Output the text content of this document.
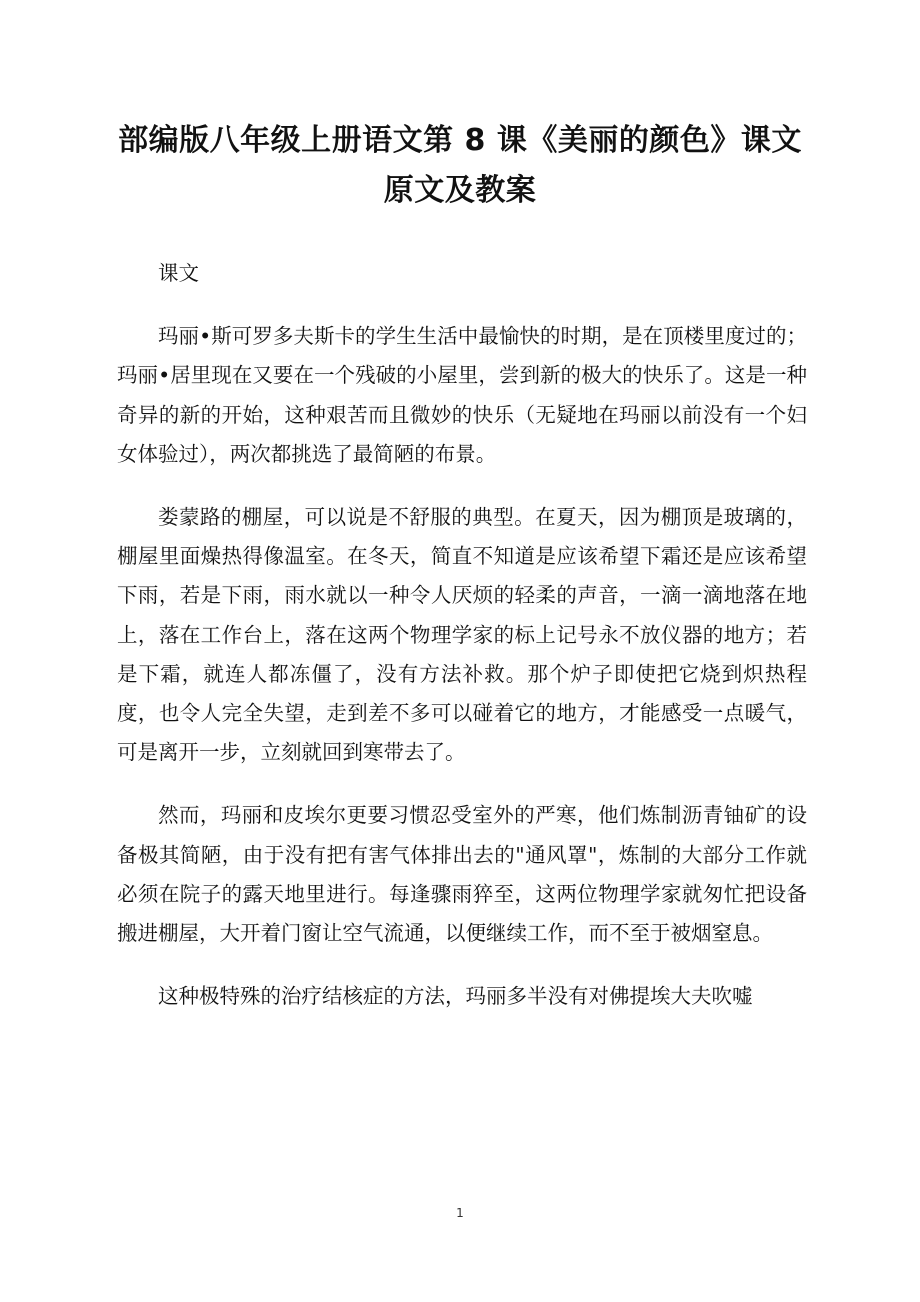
部编版八年级上册语文第 8 课《美丽的颜色》课文
原文及教案

课文

玛丽•斯可罗多夫斯卡的学生生活中最愉快的时期，是在顶楼里度过的；玛丽•居里现在又要在一个残破的小屋里，尝到新的极大的快乐了。这是一种奇异的新的开始，这种艰苦而且微妙的快乐（无疑地在玛丽以前没有一个妇女体验过），两次都挑选了最简陋的布景。

娄蒙路的棚屋，可以说是不舒服的典型。在夏天，因为棚顶是玻璃的，棚屋里面燥热得像温室。在冬天，简直不知道是应该希望下霜还是应该希望下雨，若是下雨，雨水就以一种令人厌烦的轻柔的声音，一滴一滴地落在地上，落在工作台上，落在这两个物理学家的标上记号永不放仪器的地方；若是下霜，就连人都冻僵了，没有方法补救。那个炉子即使把它烧到炽热程度，也令人完全失望，走到差不多可以碰着它的地方，才能感受一点暖气，可是离开一步，立刻就回到寒带去了。

然而，玛丽和皮埃尔更要习惯忍受室外的严寒，他们炼制沥青铀矿的设备极其简陋，由于没有把有害气体排出去的"通风罩"，炼制的大部分工作就必须在院子的露天地里进行。每逢骤雨猝至，这两位物理学家就匆忙把设备搬进棚屋，大开着门窗让空气流通，以便继续工作，而不至于被烟窒息。

这种极特殊的治疗结核症的方法，玛丽多半没有对佛提埃大夫吹嘘

1
